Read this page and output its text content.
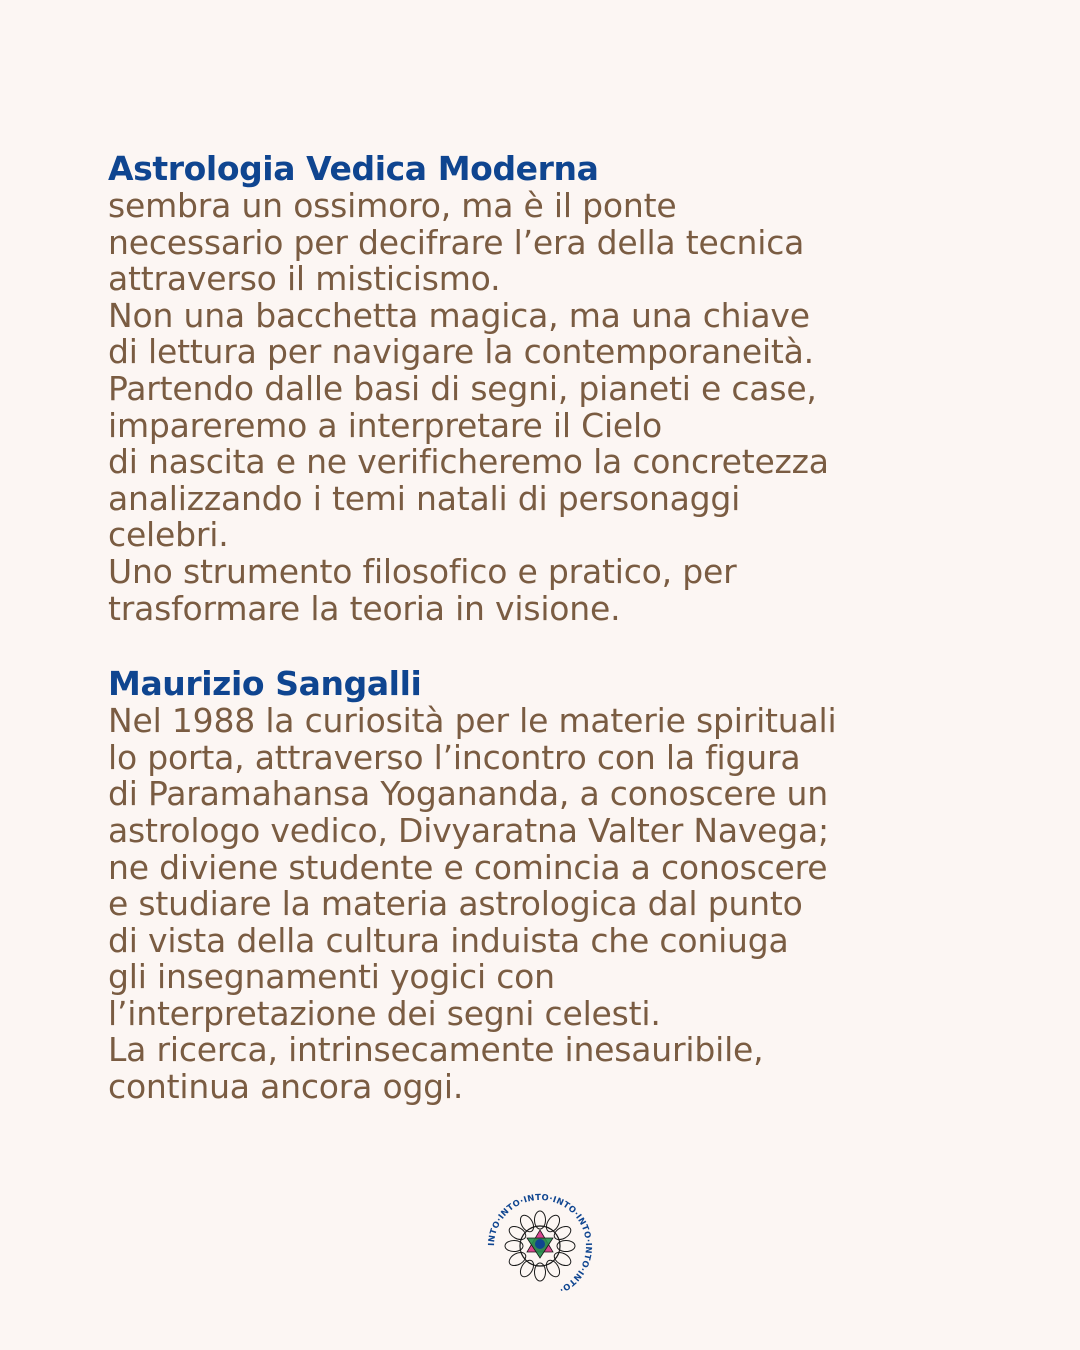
Astrologia Vedica Moderna

sembra un ossimoro, ma è il ponte

necessario per decifrare l’era della tecnica

attraverso il misticismo.

Non una bacchetta magica, ma una chiave

di lettura per navigare la contemporaneità.

Partendo dalle basi di segni, pianeti e case,

impareremo a interpretare il Cielo

di nascita e ne verificheremo la concretezza

analizzando i temi natali di personaggi

celebri.

Uno strumento filosofico e pratico, per

trasformare la teoria in visione.

Maurizio Sangalli

Nel 1988 la curiosità per le materie spirituali

lo porta, attraverso l’incontro con la figura

di Paramahansa Yogananda, a conoscere un

astrologo vedico, Divyaratna Valter Navega;

ne diviene studente e comincia a conoscere

e studiare la materia astrologica dal punto

di vista della cultura induista che coniuga

gli insegnamenti yogici con

l’interpretazione dei segni celesti.

La ricerca, intrinsecamente inesauribile,

continua ancora oggi.

INTO·INTO·INTO·INTO·INTO·INTO·INTO·
